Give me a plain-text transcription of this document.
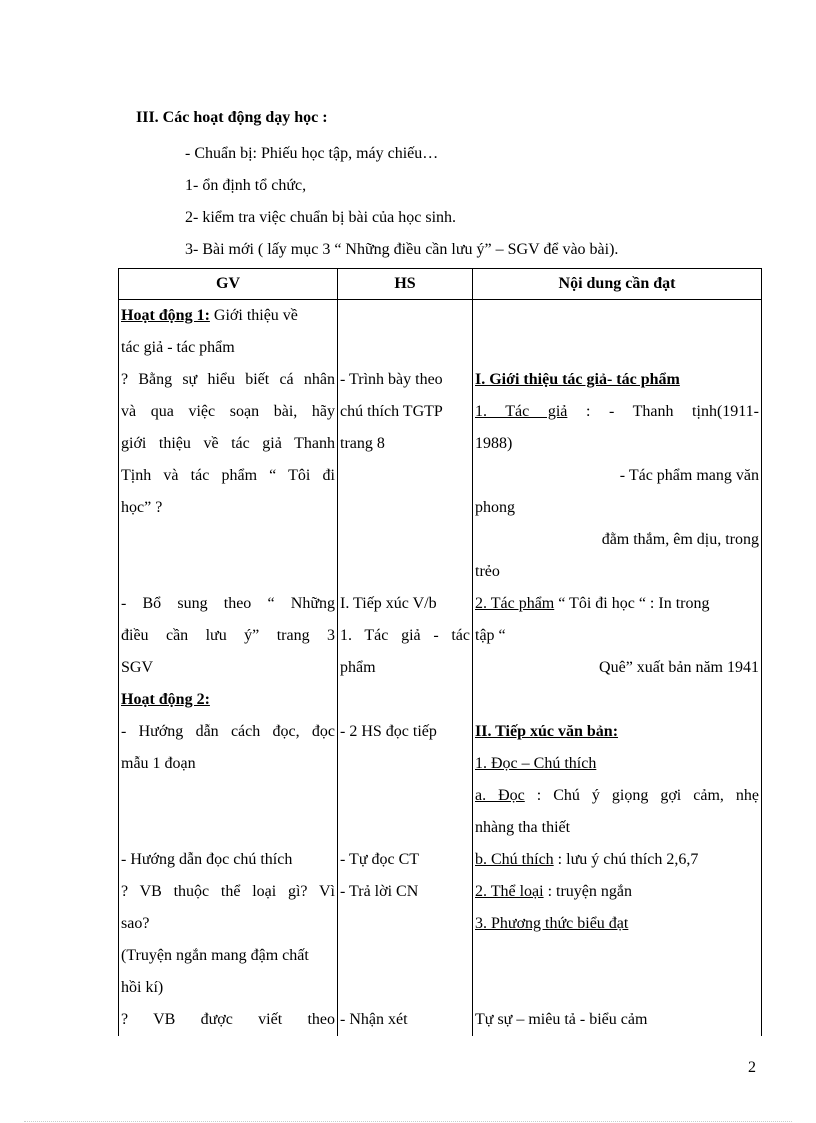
III. Các hoạt động dạy học :
- Chuẩn bị: Phiếu học tập, máy chiếu…
1- ổn định tổ chức,
2- kiểm tra việc chuẩn bị bài của học sinh.
3- Bài mới ( lấy mục 3 “ Những điều cần lưu ý” – SGV để vào bài).
GV	HS	Nội dung cần đạt
Hoạt động 1: Giới thiệu về		
tác giả - tác phẩm		
? Bằng sự hiểu biết cá nhân	- Trình bày theo	I. Giới thiệu tác giả- tác phẩm
và qua việc soạn bài, hãy	chú thích TGTP	1. Tác giả : - Thanh tịnh(1911-
giới thiệu về tác giả Thanh	trang 8	1988)
Tịnh và tác phẩm “ Tôi đi		- Tác phẩm mang văn
học” ?		phong
		đằm thắm, êm dịu, trong
		trẻo
- Bổ sung theo “ Những	I. Tiếp xúc V/b	2. Tác phẩm “ Tôi đi học “ : In trong
điều cần lưu ý” trang 3	1. Tác giả - tác	tập “
SGV	phẩm	Quê” xuất bản năm 1941
Hoạt động 2:		
- Hướng dẫn cách đọc, đọc	- 2 HS đọc tiếp	II. Tiếp xúc văn bản:
mẫu 1 đoạn		1. Đọc – Chú thích
		a. Đọc : Chú ý giọng gợi cảm, nhẹ
		nhàng tha thiết
- Hướng dẫn đọc chú thích	- Tự đọc CT	b. Chú thích : lưu ý chú thích 2,6,7
? VB thuộc thể loại gì? Vì	- Trả lời CN	2. Thể loại : truyện ngắn
sao?		3. Phương thức biểu đạt
(Truyện ngắn mang đậm chất		
hồi kí)		
? VB được viết theo	- Nhận xét	Tự sự – miêu tả - biểu cảm
2
